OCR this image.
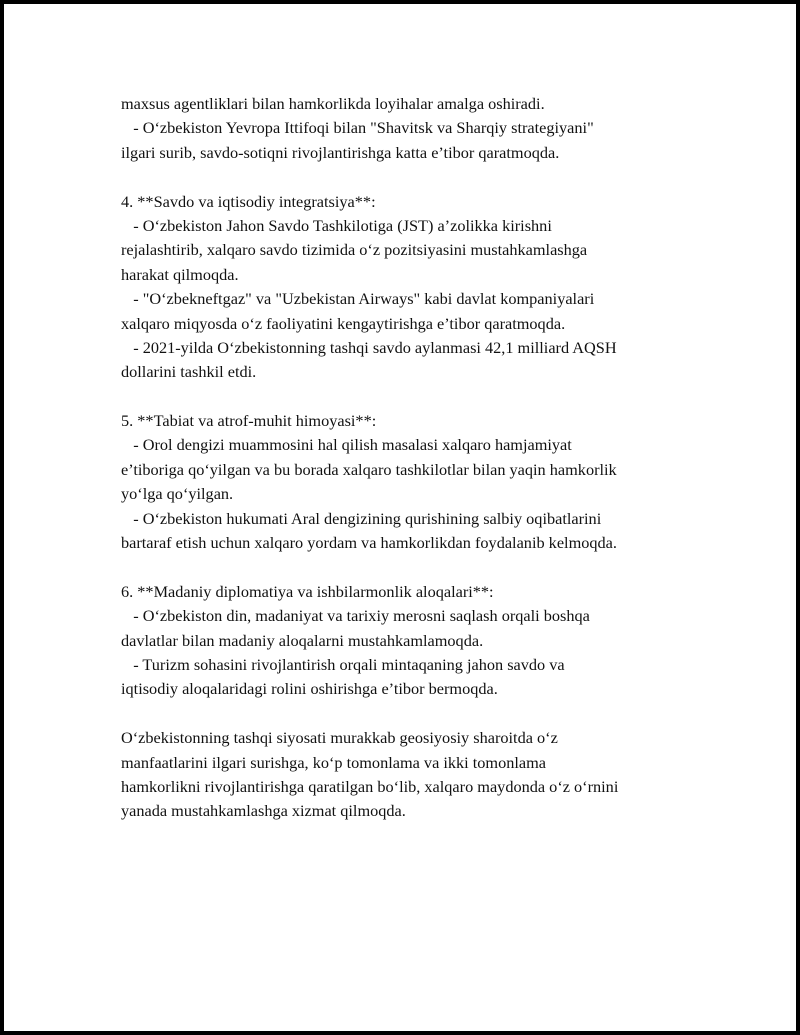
maxsus agentliklari bilan hamkorlikda loyihalar amalga oshiradi.
- O‘zbekiston Yevropa Ittifoqi bilan "Shavitsk va Sharqiy strategiyani"
ilgari surib, savdo-sotiqni rivojlantirishga katta e’tibor qaratmoqda.
4. **Savdo va iqtisodiy integratsiya**:
- O‘zbekiston Jahon Savdo Tashkilotiga (JST) a’zolikka kirishni
rejalashtirib, xalqaro savdo tizimida o‘z pozitsiyasini mustahkamlashga
harakat qilmoqda.
- "O‘zbekneftgaz" va "Uzbekistan Airways" kabi davlat kompaniyalari
xalqaro miqyosda o‘z faoliyatini kengaytirishga e’tibor qaratmoqda.
- 2021-yilda O‘zbekistonning tashqi savdo aylanmasi 42,1 milliard AQSH
dollarini tashkil etdi.
5. **Tabiat va atrof-muhit himoyasi**:
- Orol dengizi muammosini hal qilish masalasi xalqaro hamjamiyat
e’tiboriga qo‘yilgan va bu borada xalqaro tashkilotlar bilan yaqin hamkorlik
yo‘lga qo‘yilgan.
- O‘zbekiston hukumati Aral dengizining qurishining salbiy oqibatlarini
bartaraf etish uchun xalqaro yordam va hamkorlikdan foydalanib kelmoqda.
6. **Madaniy diplomatiya va ishbilarmonlik aloqalari**:
- O‘zbekiston din, madaniyat va tarixiy merosni saqlash orqali boshqa
davlatlar bilan madaniy aloqalarni mustahkamlamoqda.
- Turizm sohasini rivojlantirish orqali mintaqaning jahon savdo va
iqtisodiy aloqalaridagi rolini oshirishga e’tibor bermoqda.
O‘zbekistonning tashqi siyosati murakkab geosiyosiy sharoitda o‘z
manfaatlarini ilgari surishga, ko‘p tomonlama va ikki tomonlama
hamkorlikni rivojlantirishga qaratilgan bo‘lib, xalqaro maydonda o‘z o‘rnini
yanada mustahkamlashga xizmat qilmoqda.
